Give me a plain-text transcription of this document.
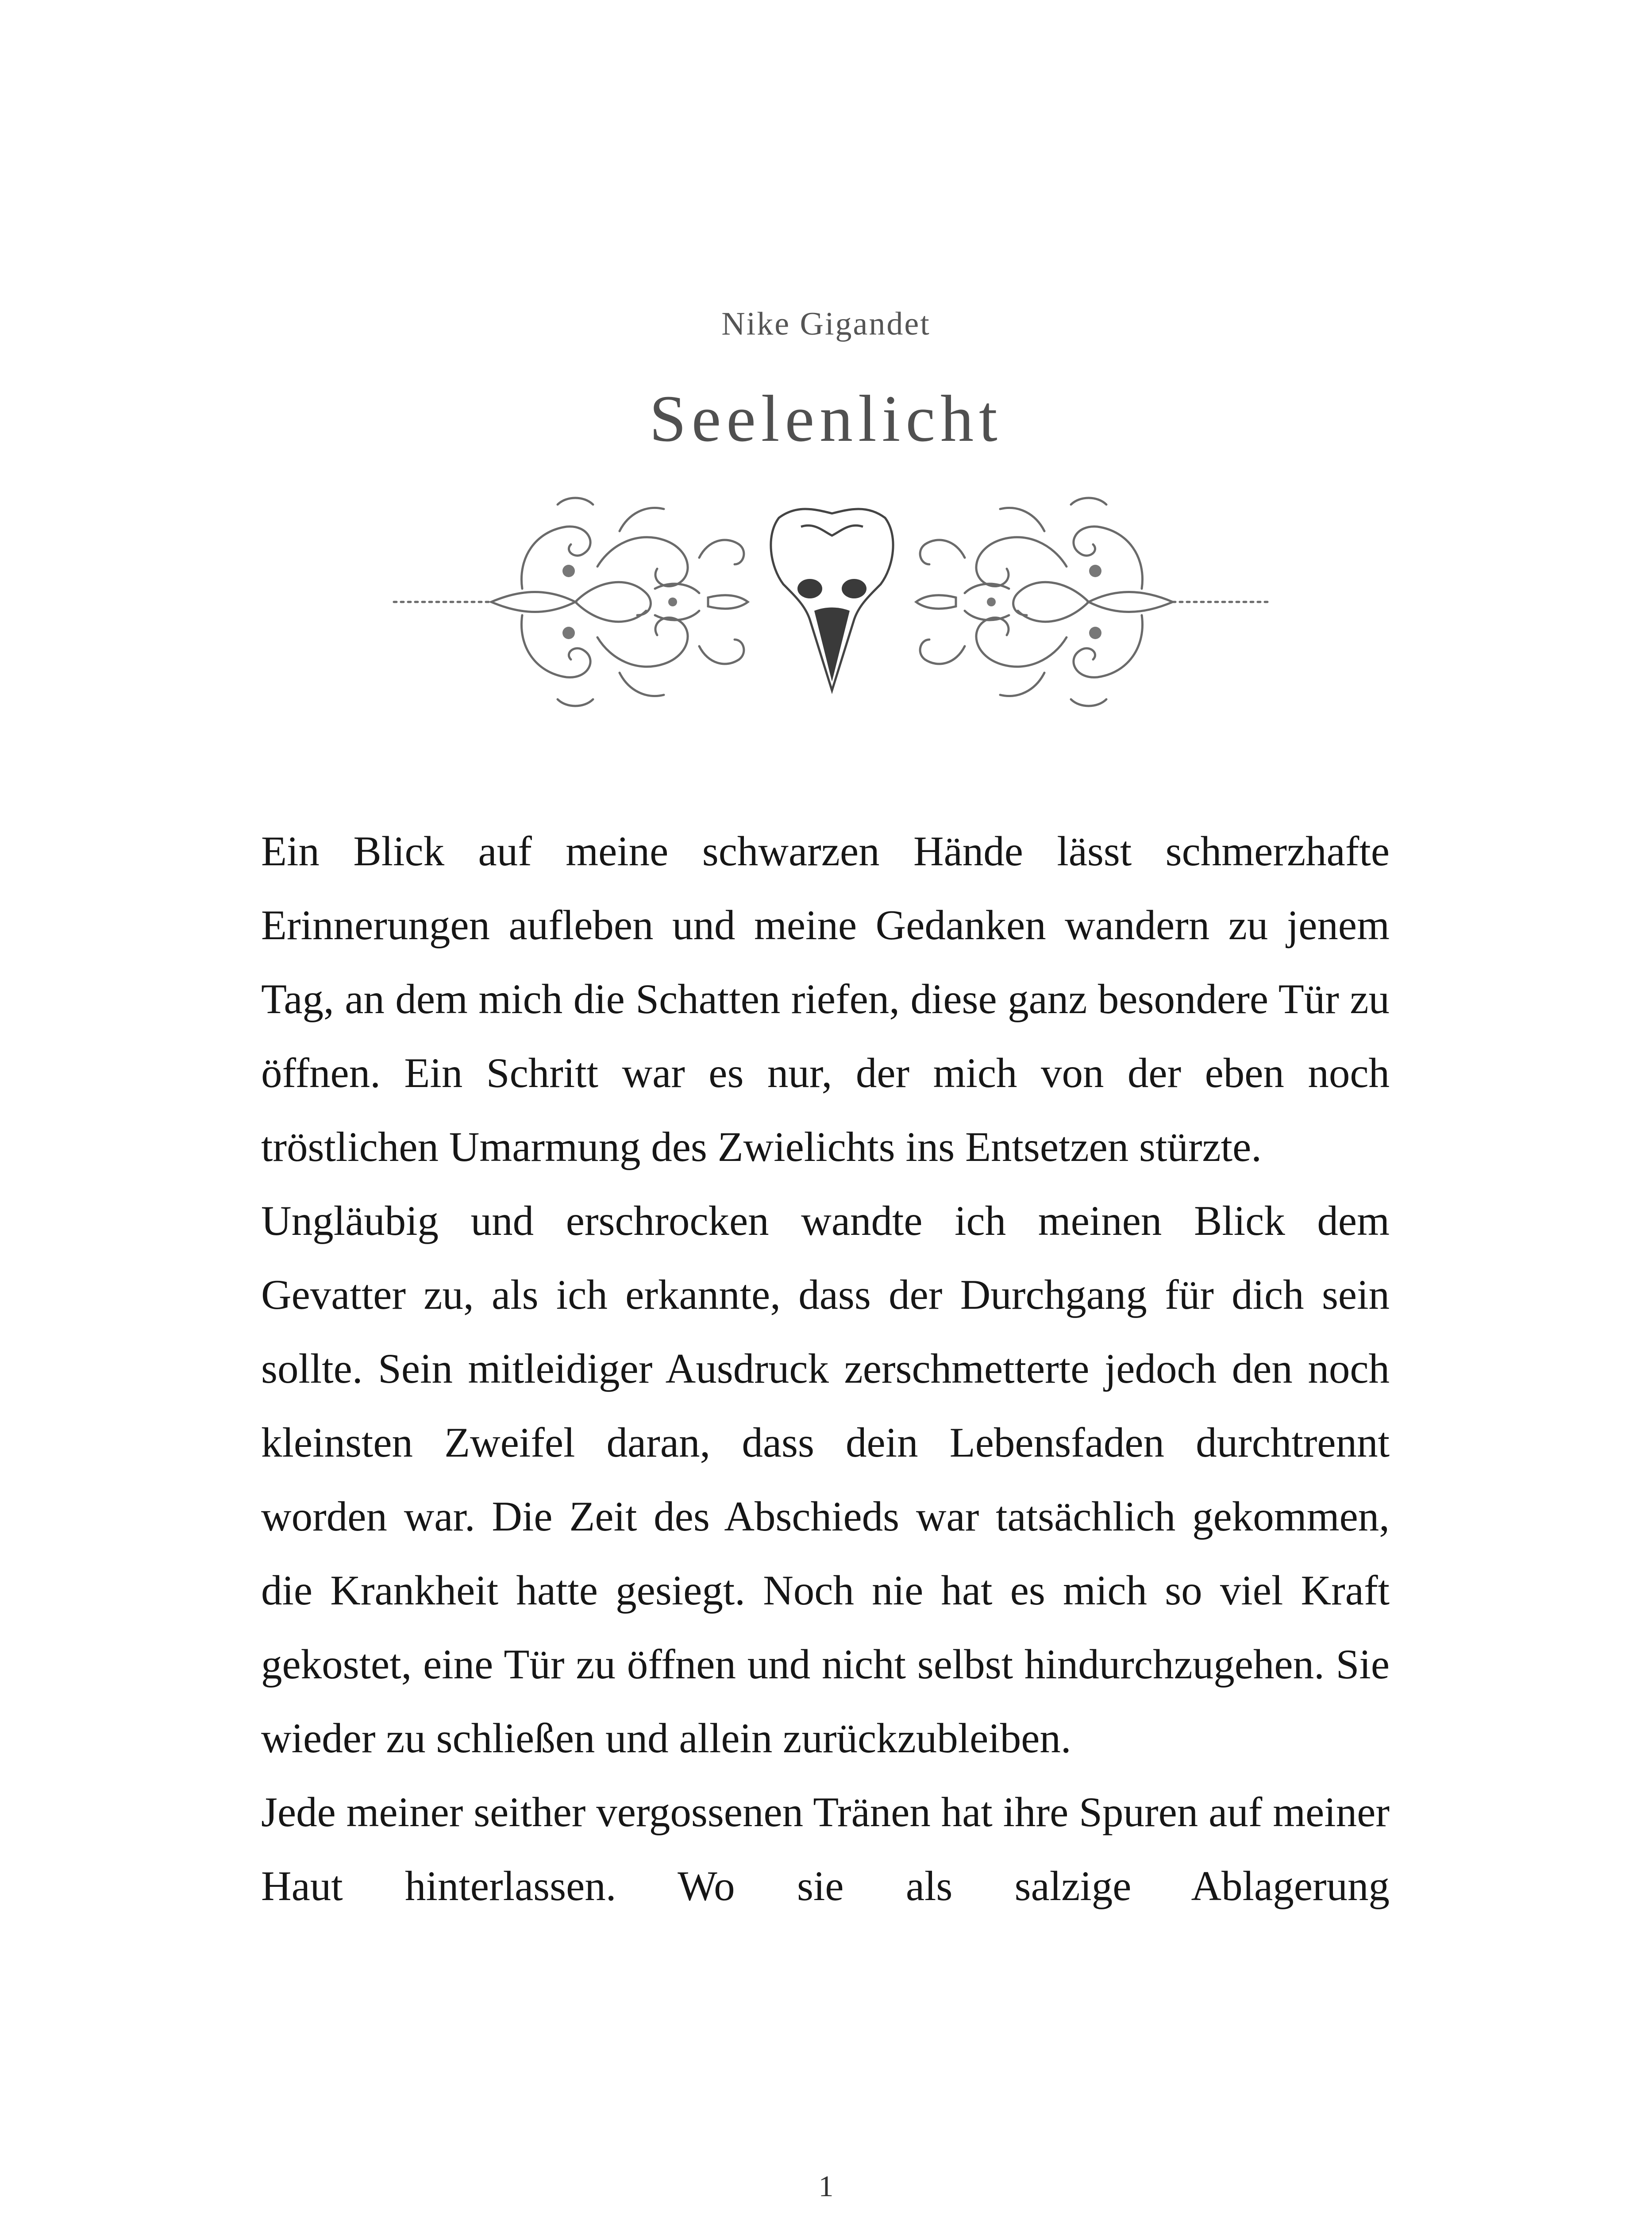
Nike Gigandet
Seelenlicht

Ein Blick auf meine schwarzen Hände lässt schmerzhafte Erinnerungen aufleben und meine Gedanken wandern zu jenem Tag, an dem mich die Schatten riefen, diese ganz besondere Tür zu öffnen. Ein Schritt war es nur, der mich von der eben noch tröstlichen Umarmung des Zwielichts ins Entsetzen stürzte.

Ungläubig und erschrocken wandte ich meinen Blick dem Gevatter zu, als ich erkannte, dass der Durchgang für dich sein sollte. Sein mitleidiger Ausdruck zerschmetterte jedoch den noch kleinsten Zweifel daran, dass dein Lebensfaden durchtrennt worden war. Die Zeit des Abschieds war tatsächlich gekommen, die Krankheit hatte gesiegt. Noch nie hat es mich so viel Kraft gekostet, eine Tür zu öffnen und nicht selbst hindurchzugehen. Sie wieder zu schließen und allein zurückzubleiben.

Jede meiner seither vergossenen Tränen hat ihre Spuren auf meiner Haut hinterlassen. Wo sie als salzige Ablagerung

1
